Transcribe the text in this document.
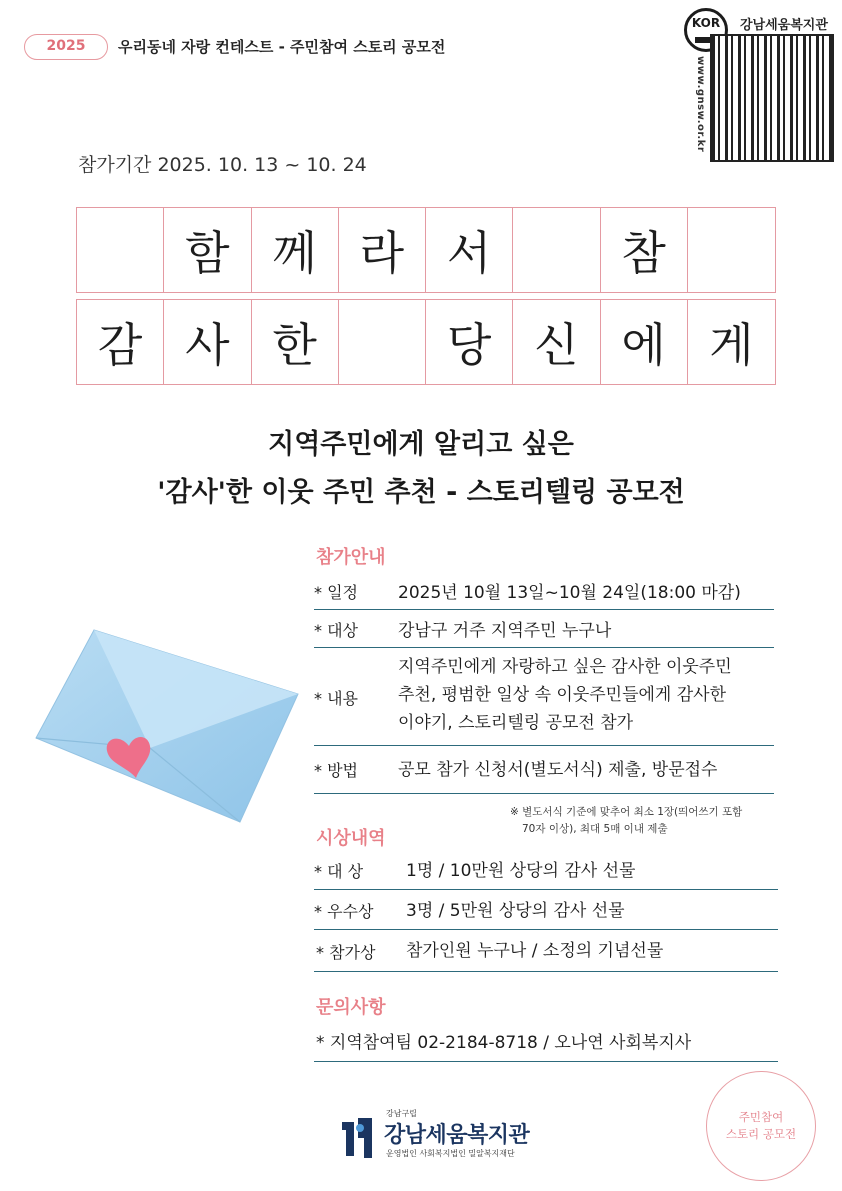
2025	우리동네 자랑 컨테스트 - 주민참여 스토리 공모전
KOR	강남세움복지관
www.gnsw.or.kr
참가기간 2025. 10. 13 ~ 10. 24
함 께 라 서	참
감 사 한	당 신 에 게
지역주민에게 알리고 싶은
'감사'한 이웃 주민 추천 - 스토리텔링 공모전
참가안내
* 일정 2025년 10월 13일~10월 24일(18:00 마감)
* 대상 강남구 거주 지역주민 누구나
* 내용
지역주민에게 자랑하고 싶은 감사한 이웃주민
추천, 평범한 일상 속 이웃주민들에게 감사한
이야기, 스토리텔링 공모전 참가
* 방법 공모 참가 신청서(별도서식) 제출, 방문접수
※ 별도서식 기준에 맞추어 최소 1장(띄어쓰기 포함
70자 이상), 최대 5매 이내 제출
시상내역
* 대 상	1명 / 10만원 상당의 감사 선물
* 우수상 3명 / 5만원 상당의 감사 선물
* 참가상 참가인원 누구나 / 소정의 기념선물
문의사항
* 지역참여팀 02-2184-8718 / 오나연 사회복지사
강남구립
강남세움복지관
운영법인 사회복지법인 밀알복지재단
주민참여
스토리 공모전
